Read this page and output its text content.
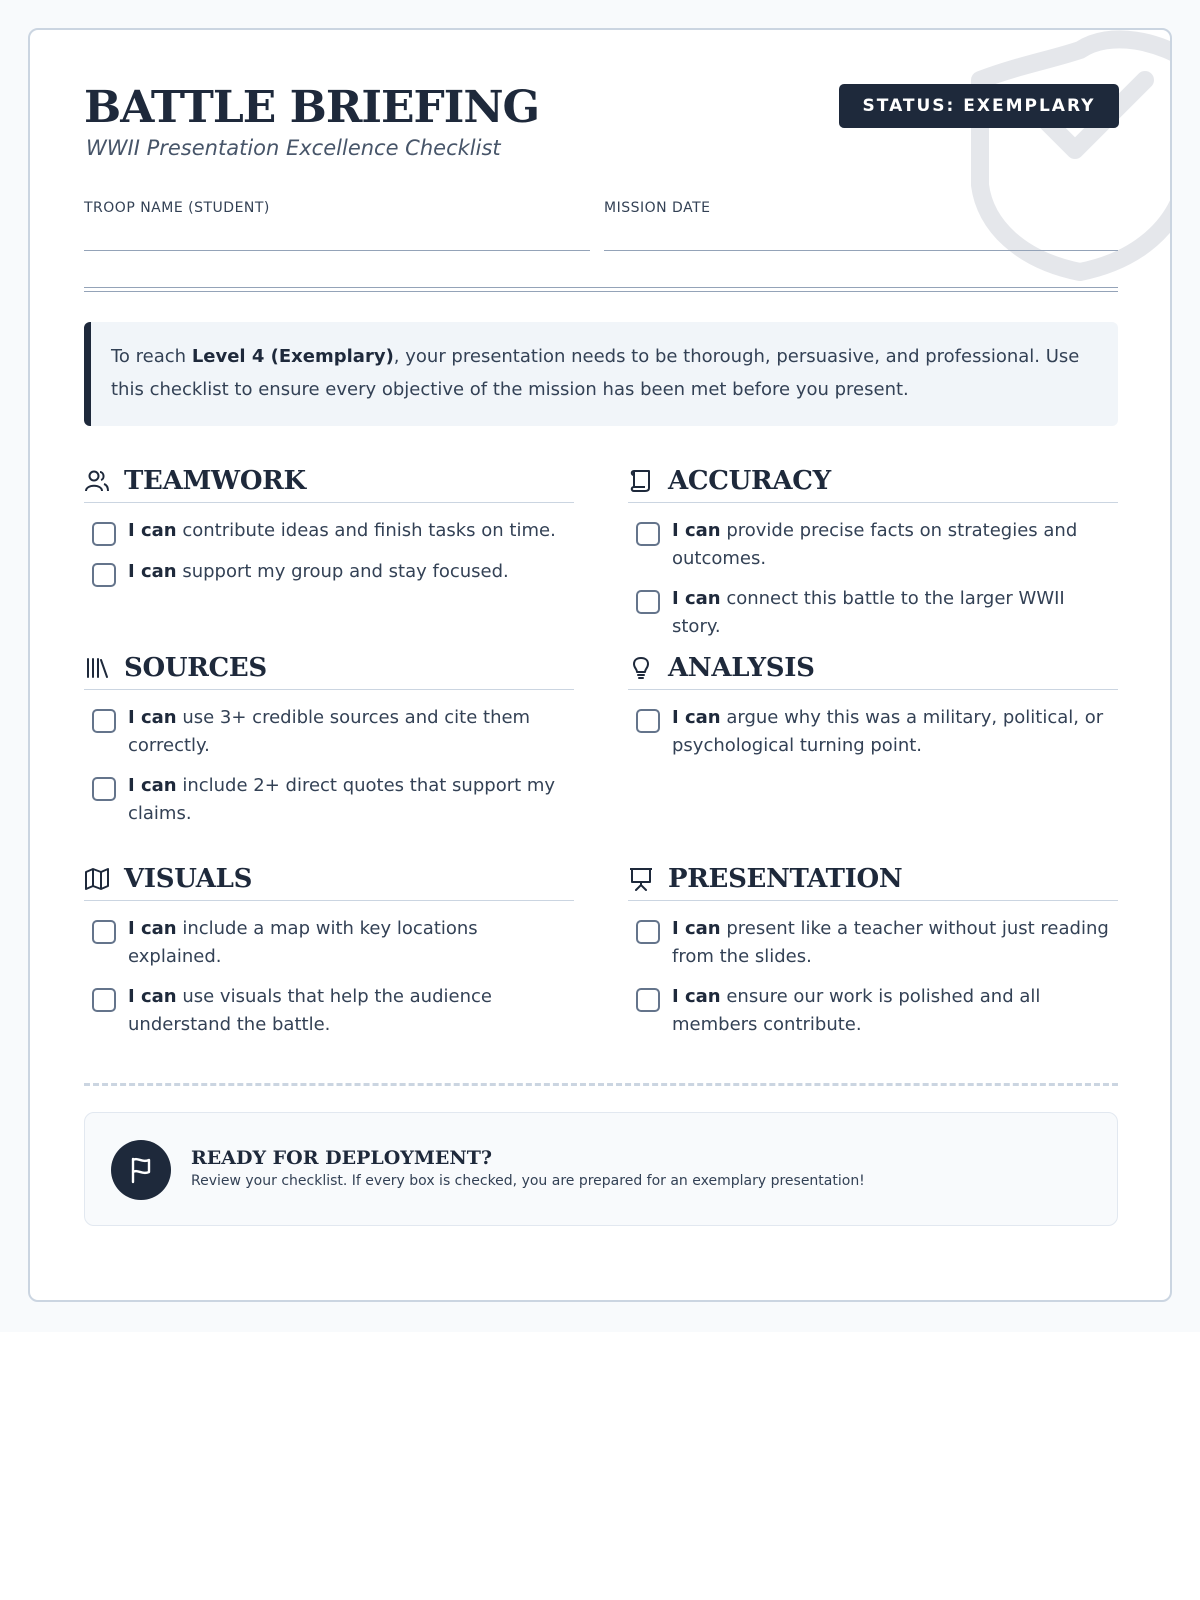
BATTLE BRIEFING
WWII Presentation Excellence Checklist
STATUS: EXEMPLARY
TROOP NAME (STUDENT)	MISSION DATE
To reach Level 4 (Exemplary), your presentation needs to be thorough, persuasive, and professional. Use this checklist to ensure every objective of the mission has been met before you present.
TEAMWORK
I can contribute ideas and finish tasks on time.
I can support my group and stay focused.
ACCURACY
I can provide precise facts on strategies and outcomes.
I can connect this battle to the larger WWII story.
SOURCES
I can use 3+ credible sources and cite them correctly.
I can include 2+ direct quotes that support my claims.
ANALYSIS
I can argue why this was a military, political, or psychological turning point.
VISUALS
I can include a map with key locations explained.
I can use visuals that help the audience understand the battle.
PRESENTATION
I can present like a teacher without just reading from the slides.
I can ensure our work is polished and all members contribute.
READY FOR DEPLOYMENT?
Review your checklist. If every box is checked, you are prepared for an exemplary presentation!
